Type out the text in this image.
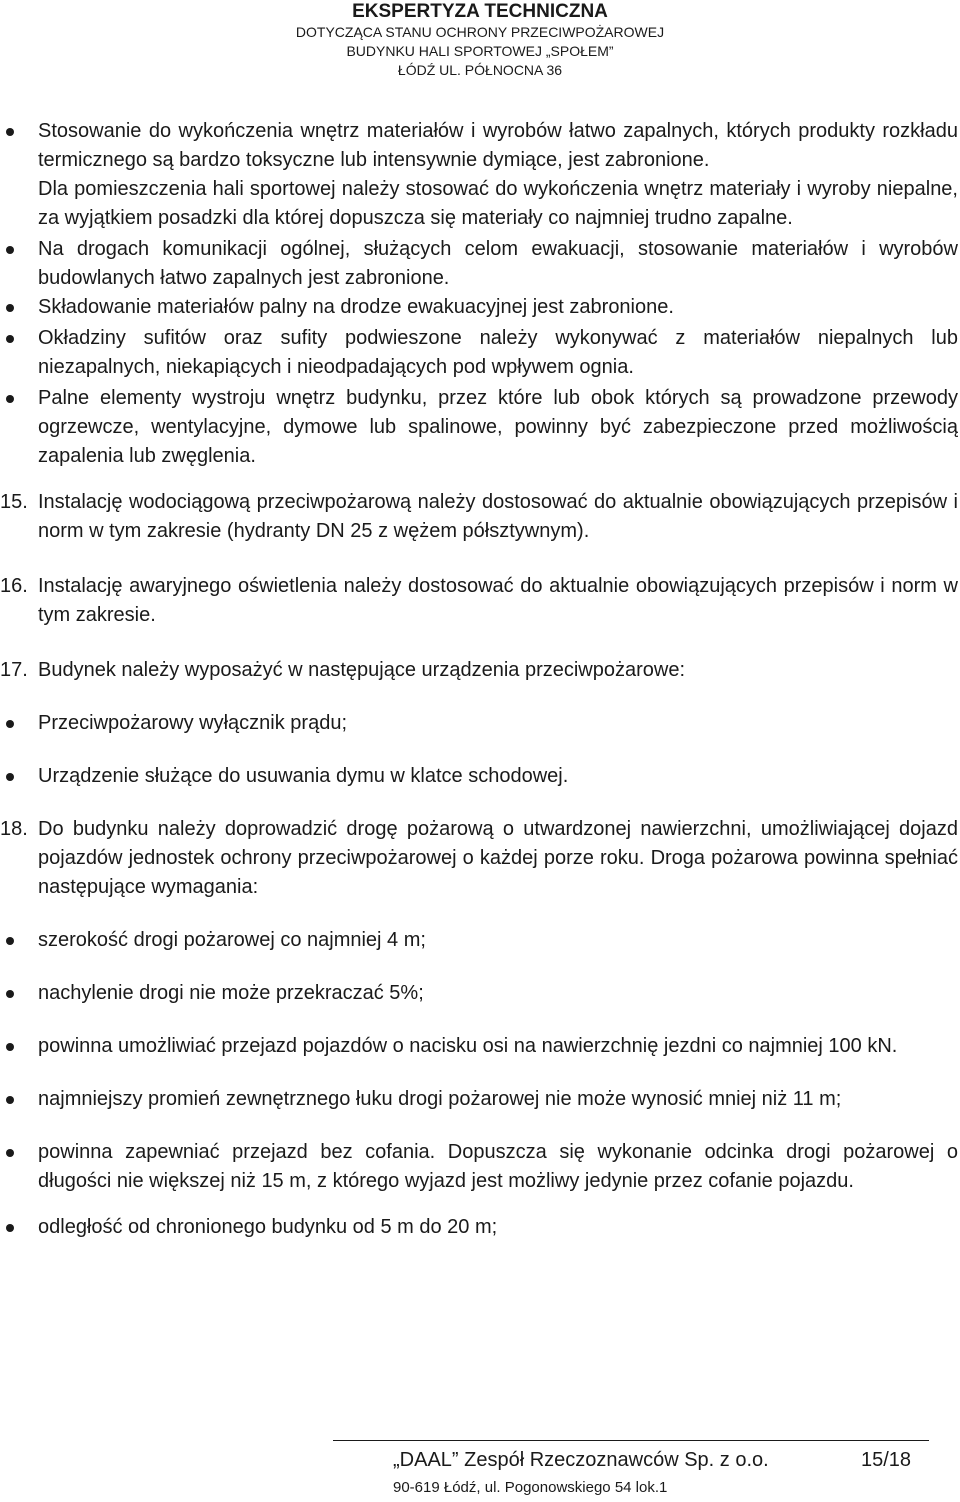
EKSPERTYZA TECHNICZNA
DOTYCZĄCA STANU OCHRONY PRZECIWPOŻAROWEJ
BUDYNKU HALI SPORTOWEJ „SPOŁEM”
ŁÓDŹ UL. PÓŁNOCNA 36
Stosowanie do wykończenia wnętrz materiałów i wyrobów łatwo zapalnych, których produkty rozkładu termicznego są bardzo toksyczne lub intensywnie dymiące, jest zabronione.
Dla pomieszczenia hali sportowej należy stosować do wykończenia wnętrz materiały i wyroby niepalne, za wyjątkiem posadzki dla której dopuszcza się materiały co najmniej trudno zapalne.
Na drogach komunikacji ogólnej, służących celom ewakuacji, stosowanie materiałów i wyrobów budowlanych łatwo zapalnych jest zabronione.
Składowanie materiałów palny na drodze ewakuacyjnej jest zabronione.
Okładziny sufitów oraz sufity podwieszone należy wykonywać z materiałów niepalnych lub niezapalnych, niekapiących i nieodpadających pod wpływem ognia.
Palne elementy wystroju wnętrz budynku, przez które lub obok których są prowadzone przewody ogrzewcze, wentylacyjne, dymowe lub spalinowe, powinny być zabezpieczone przed możliwością zapalenia lub zwęglenia.
15. Instalację wodociągową przeciwpożarową należy dostosować do aktualnie obowiązujących przepisów i norm w tym zakresie (hydranty DN 25 z wężem półsztywnym).
16. Instalację awaryjnego oświetlenia należy dostosować do aktualnie obowiązujących przepisów i norm w tym zakresie.
17. Budynek należy wyposażyć w następujące urządzenia przeciwpożarowe:
Przeciwpożarowy wyłącznik prądu;
Urządzenie służące do usuwania dymu w klatce schodowej.
18. Do budynku należy doprowadzić drogę pożarową o utwardzonej nawierzchni, umożliwiającej dojazd pojazdów jednostek ochrony przeciwpożarowej o każdej porze roku. Droga pożarowa powinna spełniać następujące wymagania:
szerokość drogi pożarowej co najmniej 4 m;
nachylenie drogi nie może przekraczać 5%;
powinna umożliwiać przejazd pojazdów o nacisku osi na nawierzchnię jezdni co najmniej 100 kN.
najmniejszy promień zewnętrznego łuku drogi pożarowej nie może wynosić mniej niż 11 m;
powinna zapewniać przejazd bez cofania. Dopuszcza się wykonanie odcinka drogi pożarowej o długości nie większej niż 15 m, z którego wyjazd jest możliwy jedynie przez cofanie pojazdu.
odległość od chronionego budynku od 5 m do 20 m;
„DAAL” Zespół Rzeczoznawców Sp. z o.o.	15/18
90-619 Łódź, ul. Pogonowskiego 54 lok.1
